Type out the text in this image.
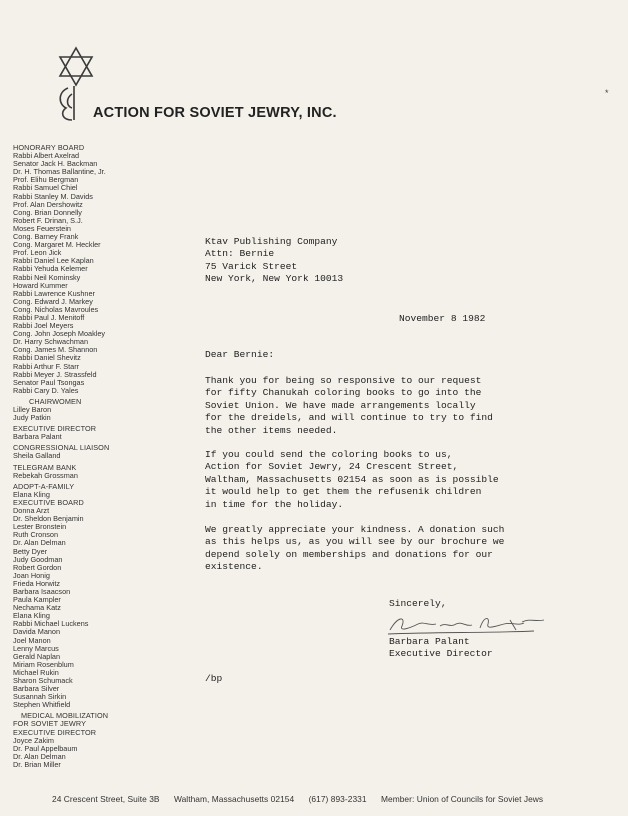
ACTION FOR SOVIET JEWRY, INC.
*
HONORARY BOARD
Rabbi Albert Axelrad
Senator Jack H. Backman
Dr. H. Thomas Ballantine, Jr.
Prof. Elihu Bergman
Rabbi Samuel Chiel
Rabbi Stanley M. Davids
Prof. Alan Dershowitz
Cong. Brian Donnelly
Robert F. Drinan, S.J.
Moses Feuerstein
Cong. Barney Frank
Cong. Margaret M. Heckler
Prof. Leon Jick
Rabbi Daniel Lee Kaplan
Rabbi Yehuda Kelemer
Rabbi Neil Kominsky
Howard Kummer
Rabbi Lawrence Kushner
Cong. Edward J. Markey
Cong. Nicholas Mavroules
Rabbi Paul J. Menitoff
Rabbi Joel Meyers
Cong. John Joseph Moakley
Dr. Harry Schwachman
Cong. James M. Shannon
Rabbi Daniel Shevitz
Rabbi Arthur F. Starr
Rabbi Meyer J. Strassfeld
Senator Paul Tsongas
Rabbi Cary D. Yales
CHAIRWOMEN
Lilley Baron
Judy Patkin
EXECUTIVE DIRECTOR
Barbara Palant
CONGRESSIONAL LIAISON
Sheila Galland
TELEGRAM BANK
Rebekah Grossman
ADOPT-A-FAMILY
Elana Kling
EXECUTIVE BOARD
Donna Arzt
Dr. Sheldon Benjamin
Lester Bronstein
Ruth Cronson
Dr. Alan Delman
Betty Dyer
Judy Goodman
Robert Gordon
Joan Honig
Frieda Horwitz
Barbara Isaacson
Paula Kampler
Nechama Katz
Elana Kling
Rabbi Michael Luckens
Davida Manon
Joel Manon
Lenny Marcus
Gerald Naplan
Miriam Rosenblum
Michael Rukin
Sharon Schumack
Barbara Silver
Susannah Sirkin
Stephen Whitfield
MEDICAL MOBILIZATION
FOR SOVIET JEWRY
EXECUTIVE DIRECTOR
Joyce Zakim
Dr. Paul Appelbaum
Dr. Alan Delman
Dr. Brian Miller
Ktav Publishing Company
Attn: Bernie
75 Varick Street
New York, New York 10013
November 8 1982
Dear Bernie:
Thank you for being so responsive to our request
for fifty Chanukah coloring books to go into the
Soviet Union. We have made arrangements locally
for the dreidels, and will continue to try to find
the other items needed.
If you could send the coloring books to us,
Action for Soviet Jewry, 24 Crescent Street,
Waltham, Massachusetts 02154 as soon as is possible
it would help to get them the refusenik children
in time for the holiday.
We greatly appreciate your kindness. A donation such
as this helps us, as you will see by our brochure we
depend solely on memberships and donations for our
existence.
Sincerely,
Barbara Palant
Executive Director
/bp
24 Crescent Street, Suite 3B Waltham, Massachusetts 02154 (617) 893-2331 Member: Union of Councils for Soviet Jews
